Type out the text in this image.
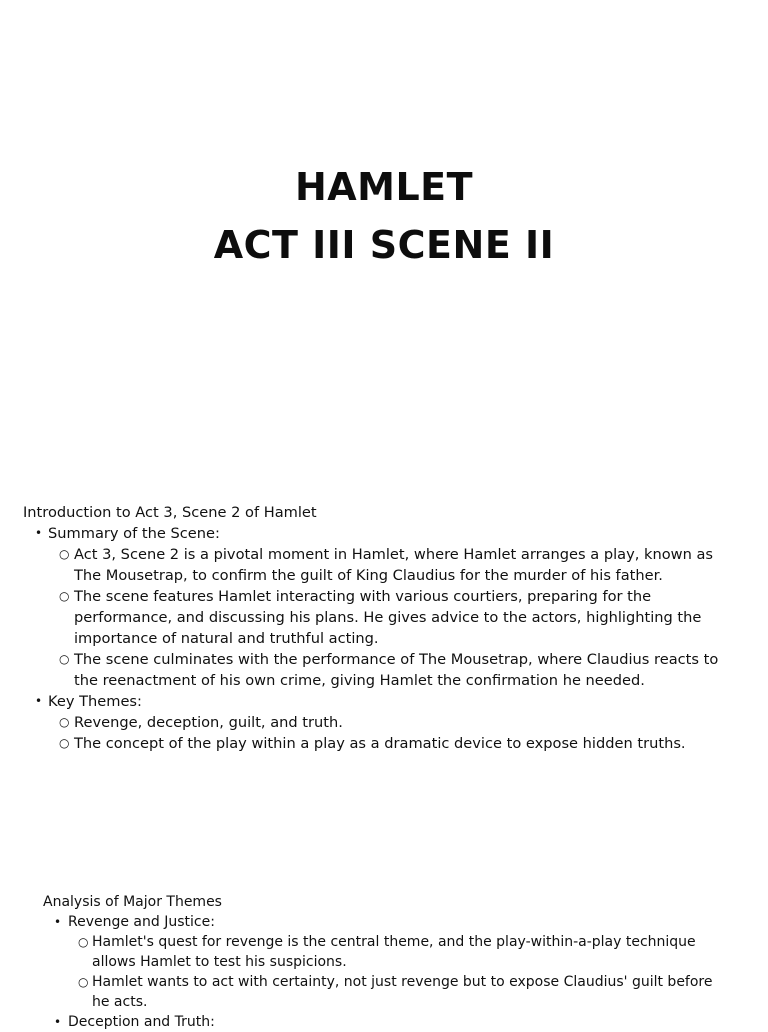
HAMLET
ACT III SCENE II

Introduction to Act 3, Scene 2 of Hamlet

• Summary of the Scene:
○ Act 3, Scene 2 is a pivotal moment in Hamlet, where Hamlet arranges a play, known as The Mousetrap, to confirm the guilt of King Claudius for the murder of his father.
○ The scene features Hamlet interacting with various courtiers, preparing for the performance, and discussing his plans. He gives advice to the actors, highlighting the importance of natural and truthful acting.
○ The scene culminates with the performance of The Mousetrap, where Claudius reacts to the reenactment of his own crime, giving Hamlet the confirmation he needed.
• Key Themes:
○ Revenge, deception, guilt, and truth.
○ The concept of the play within a play as a dramatic device to expose hidden truths.

Analysis of Major Themes

• Revenge and Justice:
○ Hamlet's quest for revenge is the central theme, and the play-within-a-play technique allows Hamlet to test his suspicions.
○ Hamlet wants to act with certainty, not just revenge but to expose Claudius' guilt before he acts.
• Deception and Truth:
